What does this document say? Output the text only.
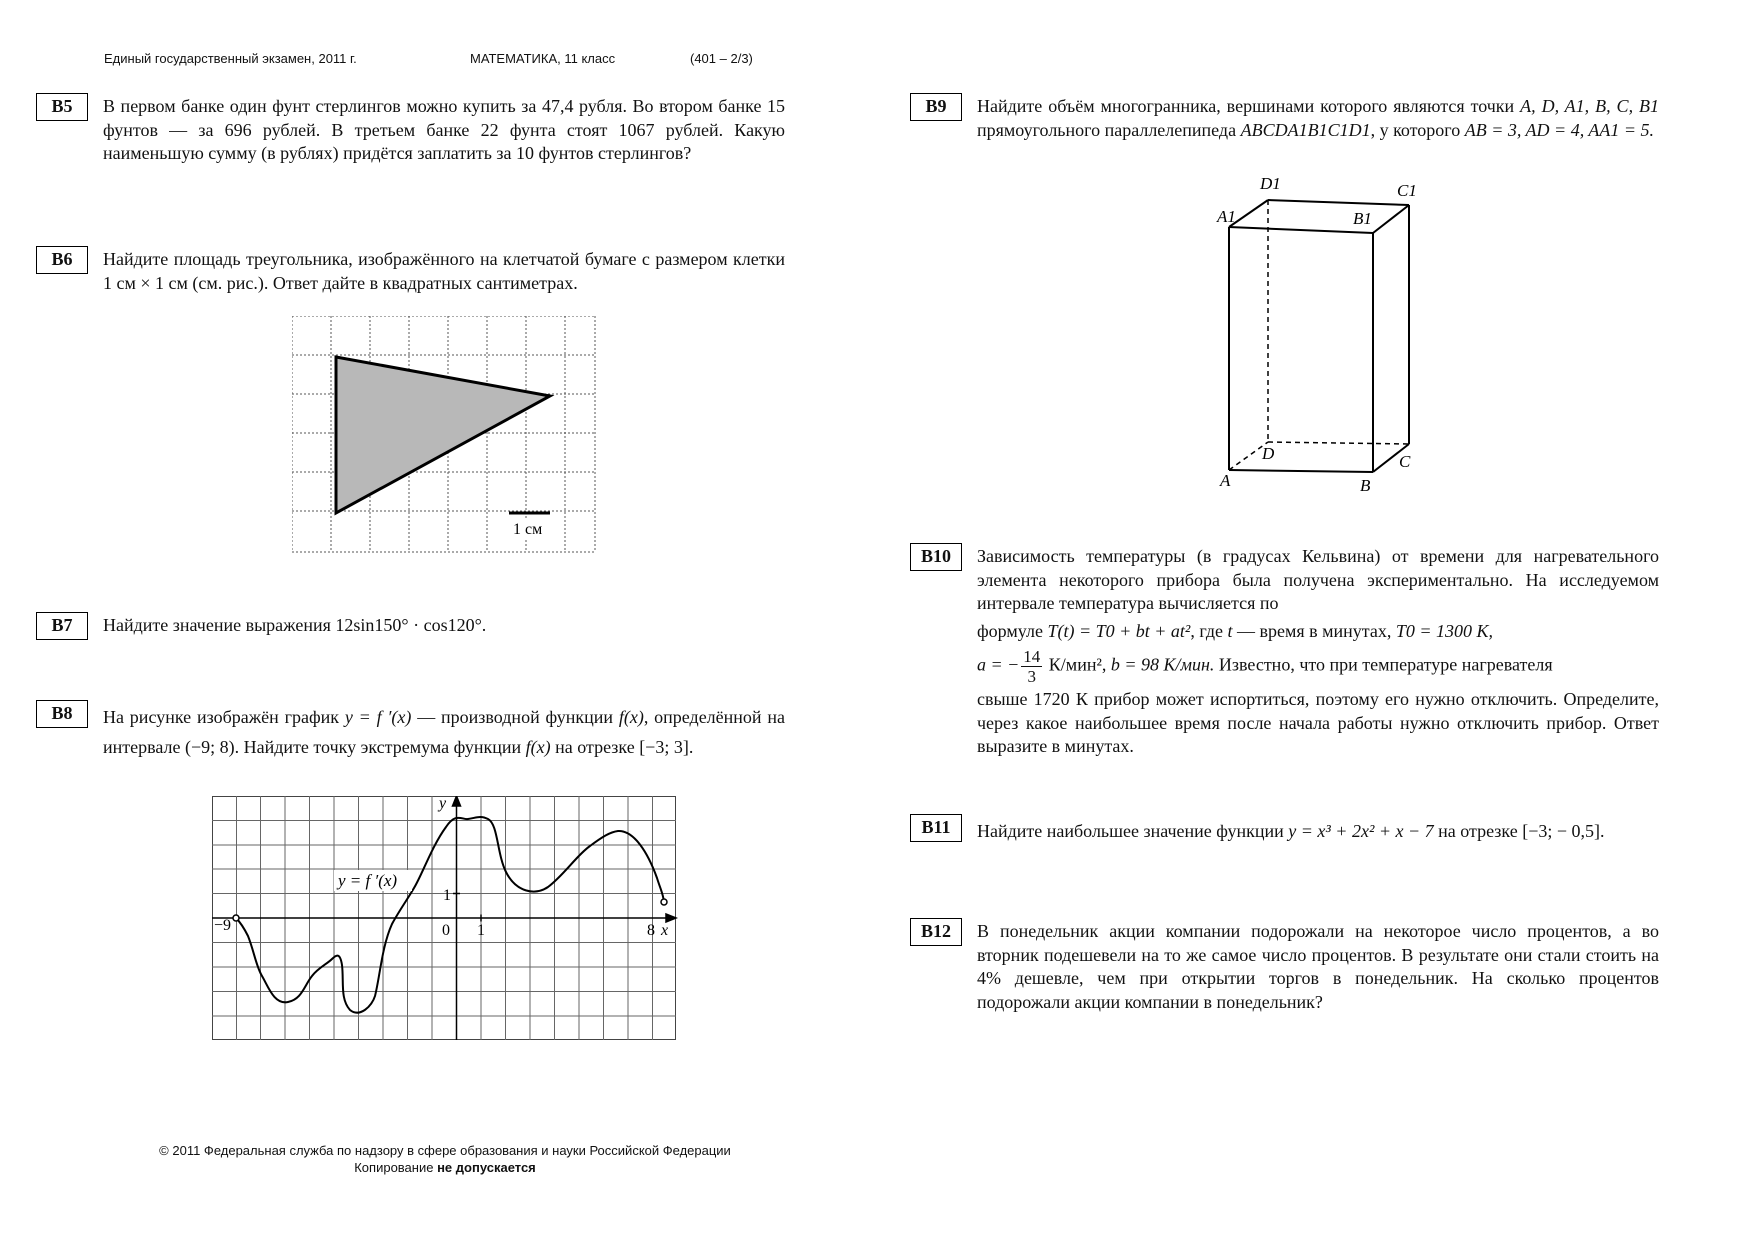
Единый государственный экзамен, 2011 г.	МАТЕМАТИКА, 11 класс	(401 – 2/3)
B5	В первом банке один фунт стерлингов можно купить за 47,4 рубля. Во втором банке 15 фунтов — за 696 рублей. В третьем банке 22 фунта стоят 1067 рублей. Какую наименьшую сумму (в рублях) придётся заплатить за 10 фунтов стерлингов?
B6	Найдите площадь треугольника, изображённого на клетчатой бумаге с размером клетки 1 см × 1 см (см. рис.). Ответ дайте в квадратных сантиметрах.
1 см
B7	Найдите значение выражения 12sin150° · cos120°.
B8	На рисунке изображён график y = f ′(x) — производной функции f(x), определённой на интервале (−9; 8). Найдите точку экстремума функции f(x) на отрезке [−3; 3].
y = f ′(x)
y
x
1
1
0
−9	8
B9	Найдите объём многогранника, вершинами которого являются точки A, D, A1, B, C, B1 прямоугольного параллелепипеда ABCDA1B1C1D1, у которого AB = 3, AD = 4, AA1 = 5.
A	B
C
D
A1	B1
C1
D1
B10	Зависимость температуры (в градусах Кельвина) от времени для нагревательного элемента некоторого прибора была получена экспериментально. На исследуемом интервале температура вычисляется по
формуле T(t) = T0 + bt + at², где t — время в минутах, T0 = 1300 К,
a = − $\frac{14}{3} К/мин^2$, b = 98 К/мин. Известно, что при температуре нагревателя
свыше 1720 К прибор может испортиться, поэтому его нужно отключить. Определите, через какое наибольшее время после начала работы нужно отключить прибор. Ответ выразите в минутах.
B11	Найдите наибольшее значение функции y = x³ + 2x² + x − 7 на отрезке [−3; − 0,5].
B12	В понедельник акции компании подорожали на некоторое число процентов, а во вторник подешевели на то же самое число процентов. В результате они стали стоить на 4% дешевле, чем при открытии торгов в понедельник. На сколько процентов подорожали акции компании в понедельник?
© 2011 Федеральная служба по надзору в сфере образования и науки Российской Федерации
Копирование не допускается
